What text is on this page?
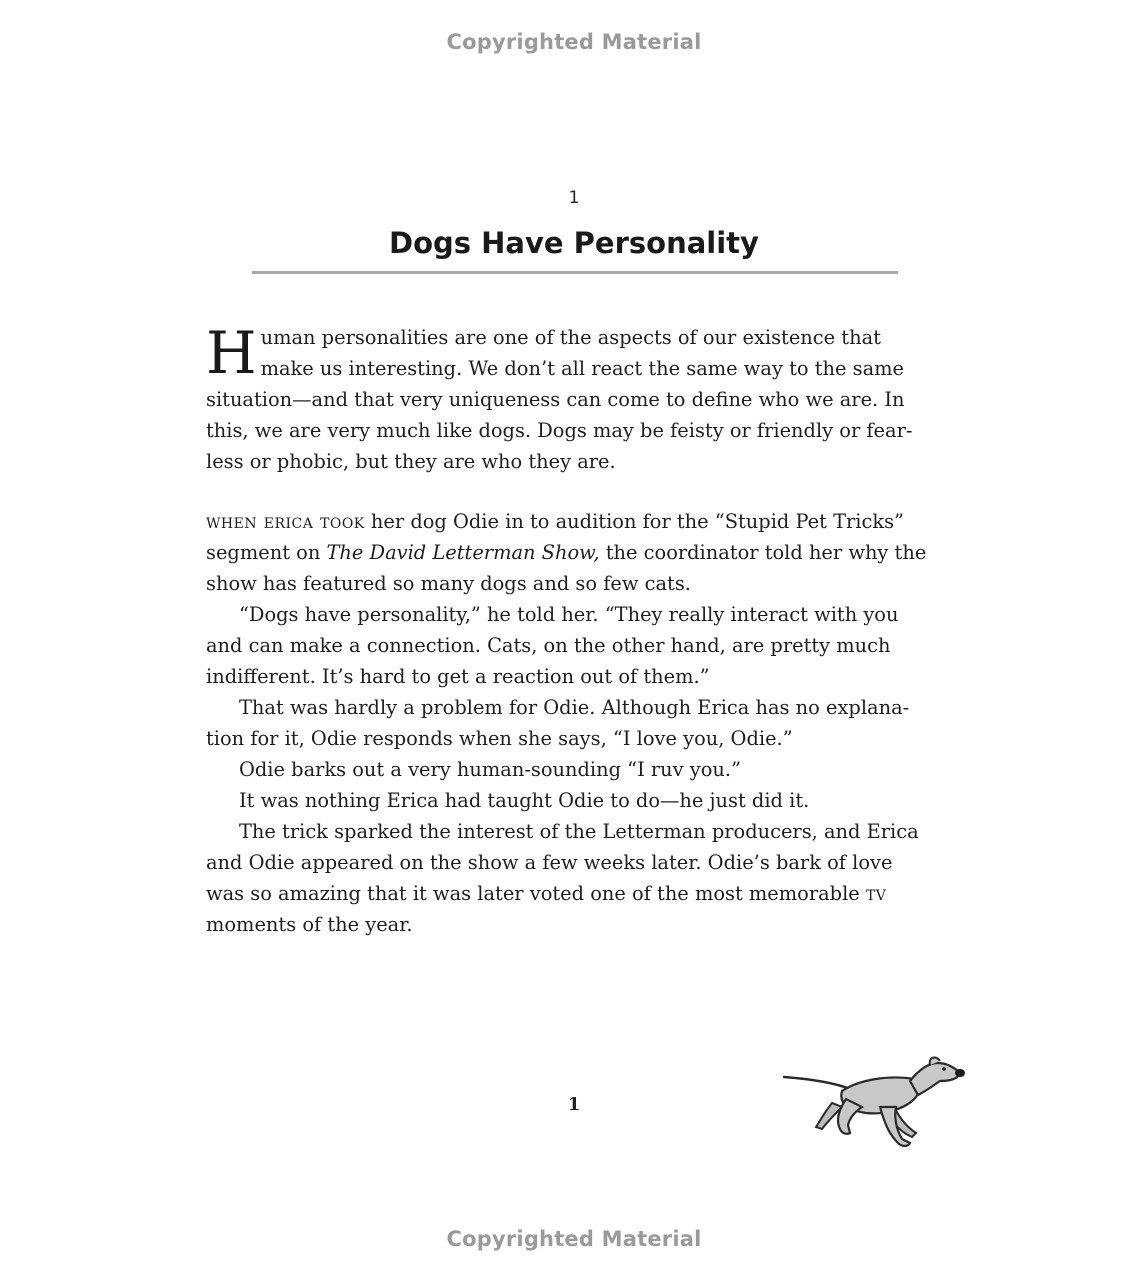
Copyrighted Material
1
Dogs Have Personality
H uman personalities are one of the aspects of our existence that
make us interesting. We don’t all react the same way to the same
situation—and that very uniqueness can come to define who we are. In
this, we are very much like dogs. Dogs may be feisty or friendly or fear-
less or phobic, but they are who they are.

when erica took her dog Odie in to audition for the “Stupid Pet Tricks”
segment on The David Letterman Show, the coordinator told her why the
show has featured so many dogs and so few cats.

“Dogs have personality,” he told her. “They really interact with you
and can make a connection. Cats, on the other hand, are pretty much
indifferent. It’s hard to get a reaction out of them.”

That was hardly a problem for Odie. Although Erica has no explana-
tion for it, Odie responds when she says, “I love you, Odie.”

Odie barks out a very human-sounding “I ruv you.”

It was nothing Erica had taught Odie to do—he just did it.

The trick sparked the interest of the Letterman producers, and Erica
and Odie appeared on the show a few weeks later. Odie’s bark of love
was so amazing that it was later voted one of the most memorable tv
moments of the year.

1
Copyrighted Material
